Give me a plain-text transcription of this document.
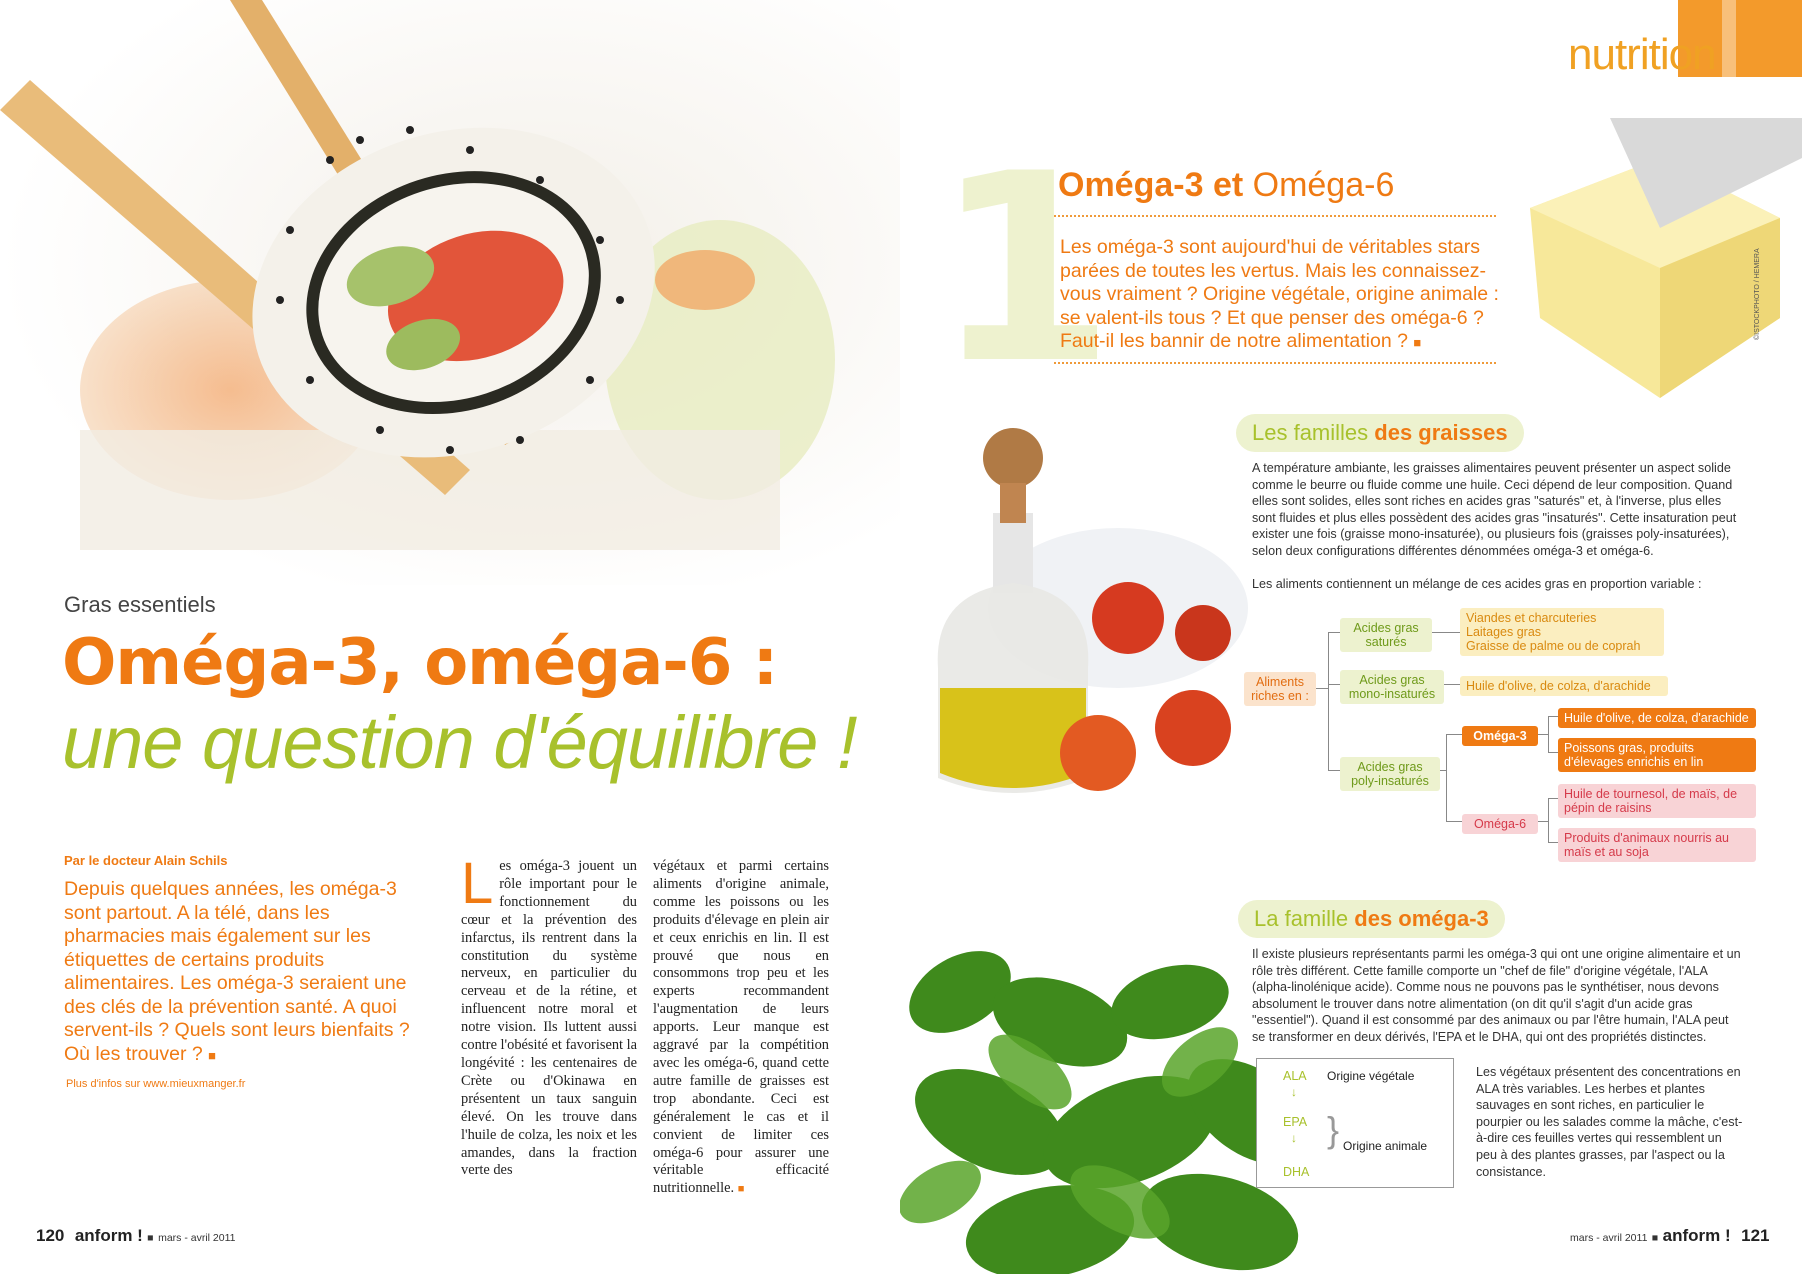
nutrition
Gras essentiels
Oméga-3, oméga-6 :
une question d'équilibre !
Par le docteur Alain Schils
Depuis quelques années, les oméga-3 sont partout. A la télé, dans les pharmacies mais également sur les étiquettes de certains produits alimentaires. Les oméga-3 seraient une des clés de la prévention santé. A quoi servent-ils ? Quels sont leurs bienfaits ? Où les trouver ? ■
Plus d'infos sur www.mieuxmanger.fr
Les oméga-3 jouent un rôle important pour le fonctionnement du cœur et la prévention des infarctus, ils rentrent dans la constitution du système nerveux, en particulier du cerveau et de la rétine, et influencent notre moral et notre vision. Ils luttent aussi contre l'obésité et favorisent la longévité : les centenaires de Crète ou d'Okinawa en présentent un taux sanguin élevé. On les trouve dans l'huile de colza, les noix et les amandes, dans la fraction verte des
végétaux et parmi certains aliments d'origine animale, comme les poissons ou les produits d'élevage en plein air et ceux enrichis en lin. Il est prouvé que nous en consommons trop peu et les experts recommandent l'augmentation de leurs apports. Leur manque est aggravé par la compétition avec les oméga-6, quand cette autre famille de graisses est trop abondante. Ceci est généralement le cas et il convient de limiter ces oméga-6 pour assurer une véritable efficacité nutritionnelle. ■
120 anform ! ■ mars - avril 2011
1
Oméga-3 et Oméga-6
Les oméga-3 sont aujourd'hui de véritables stars parées de toutes les vertus. Mais les connaissez-vous vraiment ? Origine végétale, origine animale : se valent-ils tous ? Et que penser des oméga-6 ? Faut-il les bannir de notre alimentation ? ■
©ISTOCKPHOTO / HEMERA
Les familles des graisses
A température ambiante, les graisses alimentaires peuvent présenter un aspect solide comme le beurre ou fluide comme une huile. Ceci dépend de leur composition. Quand elles sont solides, elles sont riches en acides gras "saturés" et, à l'inverse, plus elles sont fluides et plus elles possèdent des acides gras "insaturés". Cette insaturation peut exister une fois (graisse mono-insaturée), ou plusieurs fois (graisses poly-insaturées), selon deux configurations différentes dénommées oméga-3 et oméga-6.
Les aliments contiennent un mélange de ces acides gras en proportion variable :
Aliments riches en :
Acides gras saturés
Viandes et charcuteries
Laitages gras
Graisse de palme ou de coprah
Acides gras mono-insaturés
Huile d'olive, de colza, d'arachide
Acides gras poly-insaturés
Oméga-3
Huile d'olive, de colza, d'arachide
Poissons gras, produits d'élevages enrichis en lin
Oméga-6
Huile de tournesol, de maïs, de pépin de raisins
Produits d'animaux nourris au maïs et au soja
La famille des oméga-3
Il existe plusieurs représentants parmi les oméga-3 qui ont une origine alimentaire et un rôle très différent. Cette famille comporte un "chef de file" d'origine végétale, l'ALA (alpha-linolénique acide). Comme nous ne pouvons pas le synthétiser, nous devons absolument le trouver dans notre alimentation (on dit qu'il s'agit d'un acide gras "essentiel"). Quand il est consommé par des animaux ou par l'être humain, l'ALA peut se transformer en deux dérivés, l'EPA et le DHA, qui ont des propriétés distinctes.
ALA Origine végétale
↓
EPA
↓
DHA
} Origine animale
Les végétaux présentent des concentrations en ALA très variables. Les herbes et plantes sauvages en sont riches, en particulier le pourpier ou les salades comme la mâche, c'est-à-dire ces feuilles vertes qui ressemblent un peu à des plantes grasses, par l'aspect ou la consistance.
mars - avril 2011 ■ anform ! 121
